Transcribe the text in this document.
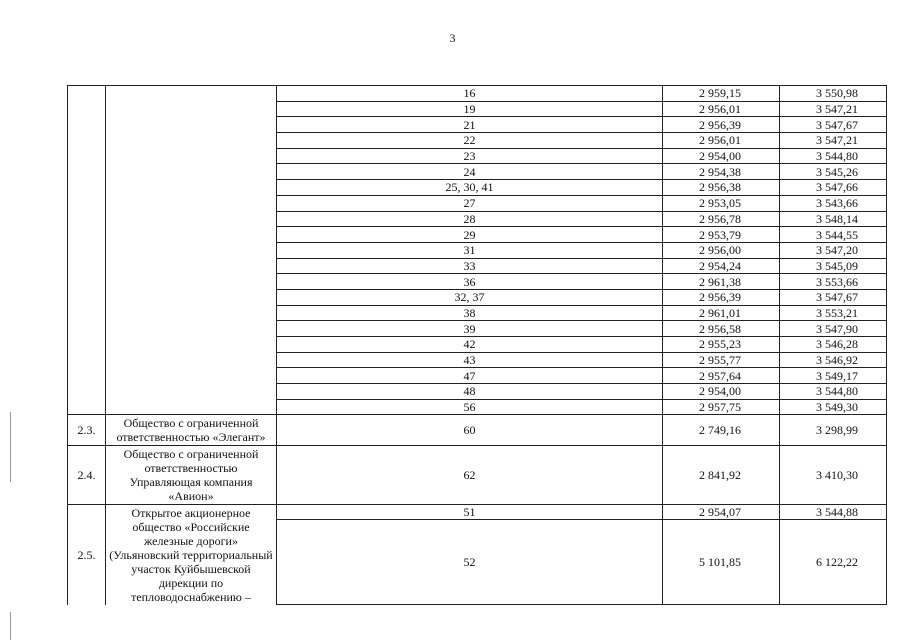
3
		16	2 959,15	3 550,98
		19	2 956,01	3 547,21
		21	2 956,39	3 547,67
		22	2 956,01	3 547,21
		23	2 954,00	3 544,80
		24	2 954,38	3 545,26
		25, 30, 41	2 956,38	3 547,66
		27	2 953,05	3 543,66
		28	2 956,78	3 548,14
		29	2 953,79	3 544,55
		31	2 956,00	3 547,20
		33	2 954,24	3 545,09
		36	2 961,38	3 553,66
		32, 37	2 956,39	3 547,67
		38	2 961,01	3 553,21
		39	2 956,58	3 547,90
		42	2 955,23	3 546,28
		43	2 955,77	3 546,92
		47	2 957,64	3 549,17
		48	2 954,00	3 544,80
		56	2 957,75	3 549,30
2.3.	Общество с ограниченной ответственностью «Элегант»	60	2 749,16	3 298,99
2.4.	Общество с ограниченной ответственностью Управляющая компания «Авион»	62	2 841,92	3 410,30
2.5.	Открытое акционерное общество «Российские железные дороги» (Ульяновский территориальный участок Куйбышевской дирекции по тепловодоснабжению –	51	2 954,07	3 544,88
		52	5 101,85	6 122,22
